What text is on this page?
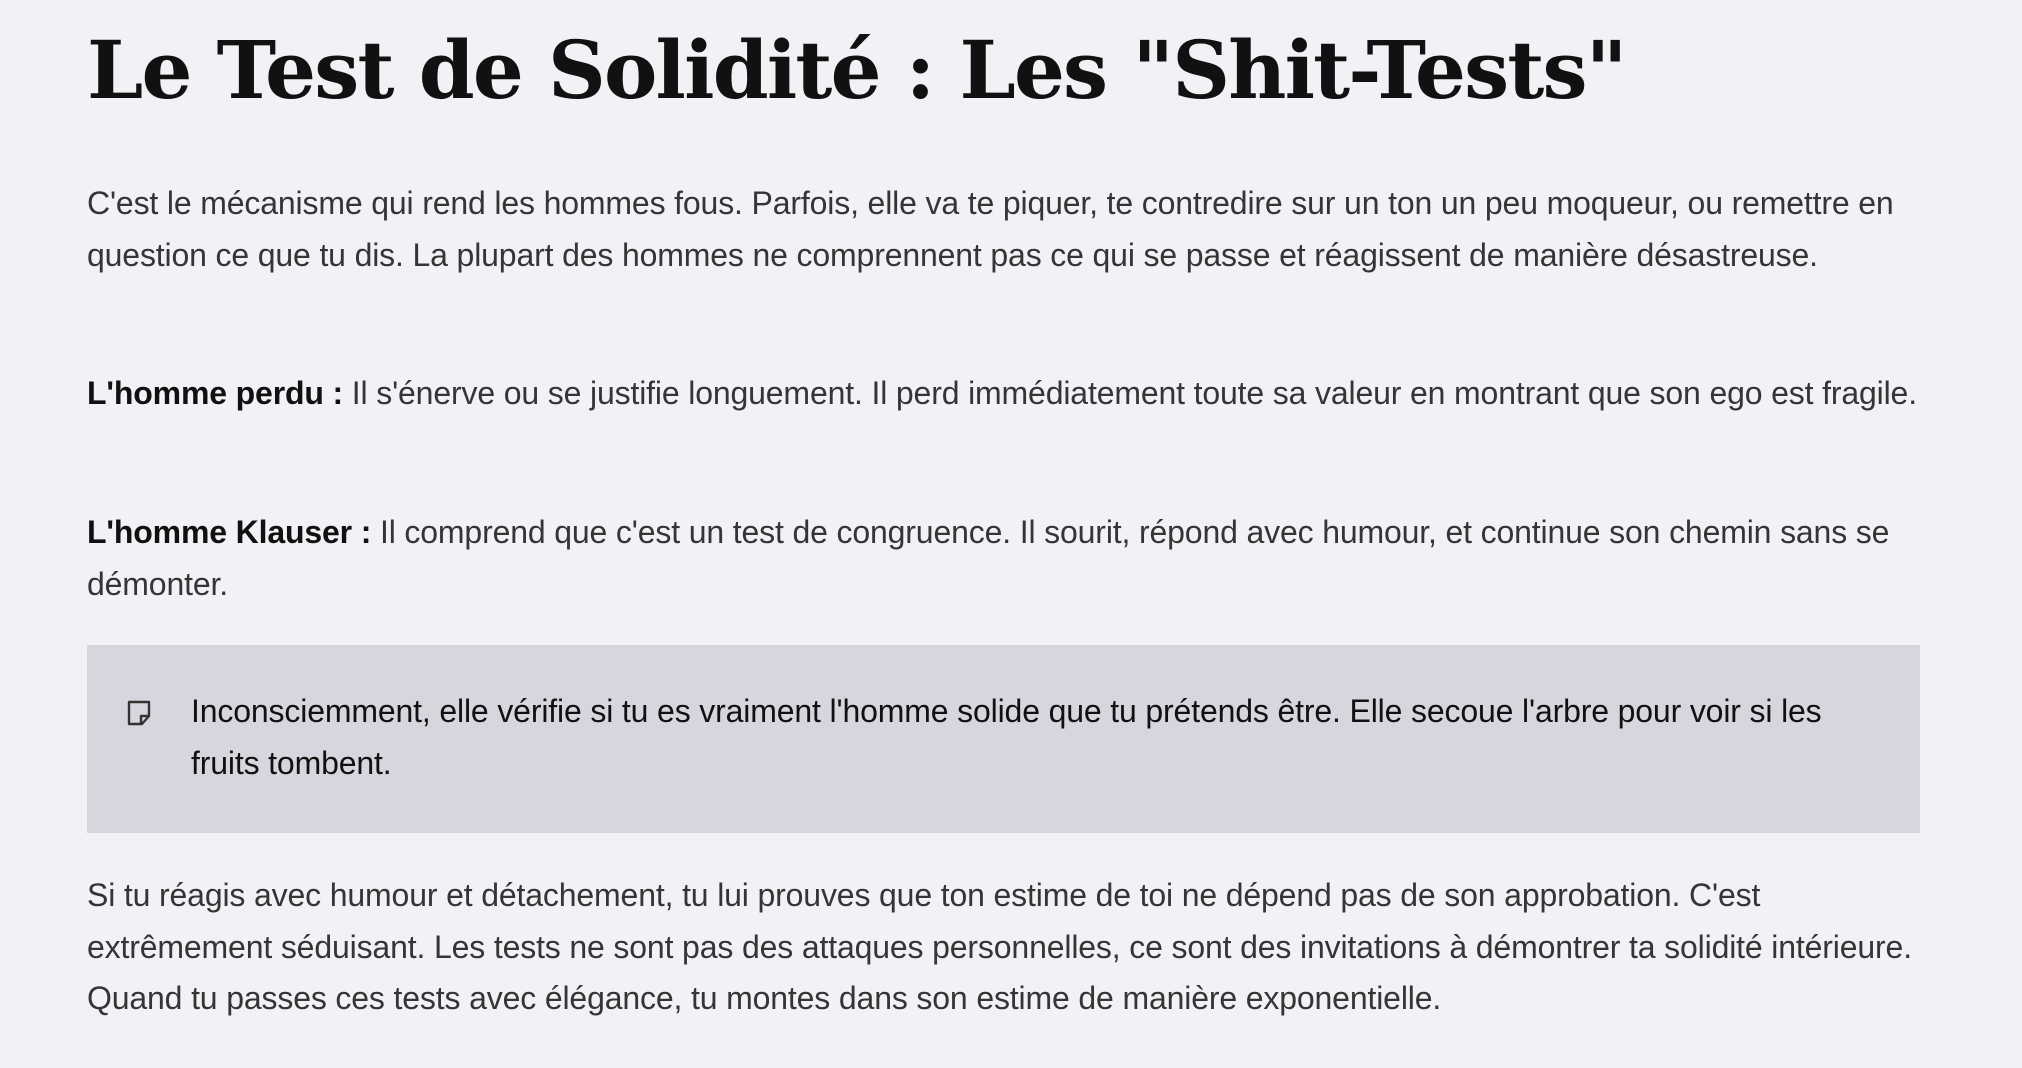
Le Test de Solidité : Les "Shit-Tests"

C'est le mécanisme qui rend les hommes fous. Parfois, elle va te piquer, te contredire sur un ton un peu moqueur, ou remettre en question ce que tu dis. La plupart des hommes ne comprennent pas ce qui se passe et réagissent de manière désastreuse.

L'homme perdu : Il s'énerve ou se justifie longuement. Il perd immédiatement toute sa valeur en montrant que son ego est fragile.

L'homme Klauser : Il comprend que c'est un test de congruence. Il sourit, répond avec humour, et continue son chemin sans se démonter.

Inconsciemment, elle vérifie si tu es vraiment l'homme solide que tu prétends être. Elle secoue l'arbre pour voir si les fruits tombent.

Si tu réagis avec humour et détachement, tu lui prouves que ton estime de toi ne dépend pas de son approbation. C'est extrêmement séduisant. Les tests ne sont pas des attaques personnelles, ce sont des invitations à démontrer ta solidité intérieure. Quand tu passes ces tests avec élégance, tu montes dans son estime de manière exponentielle.
